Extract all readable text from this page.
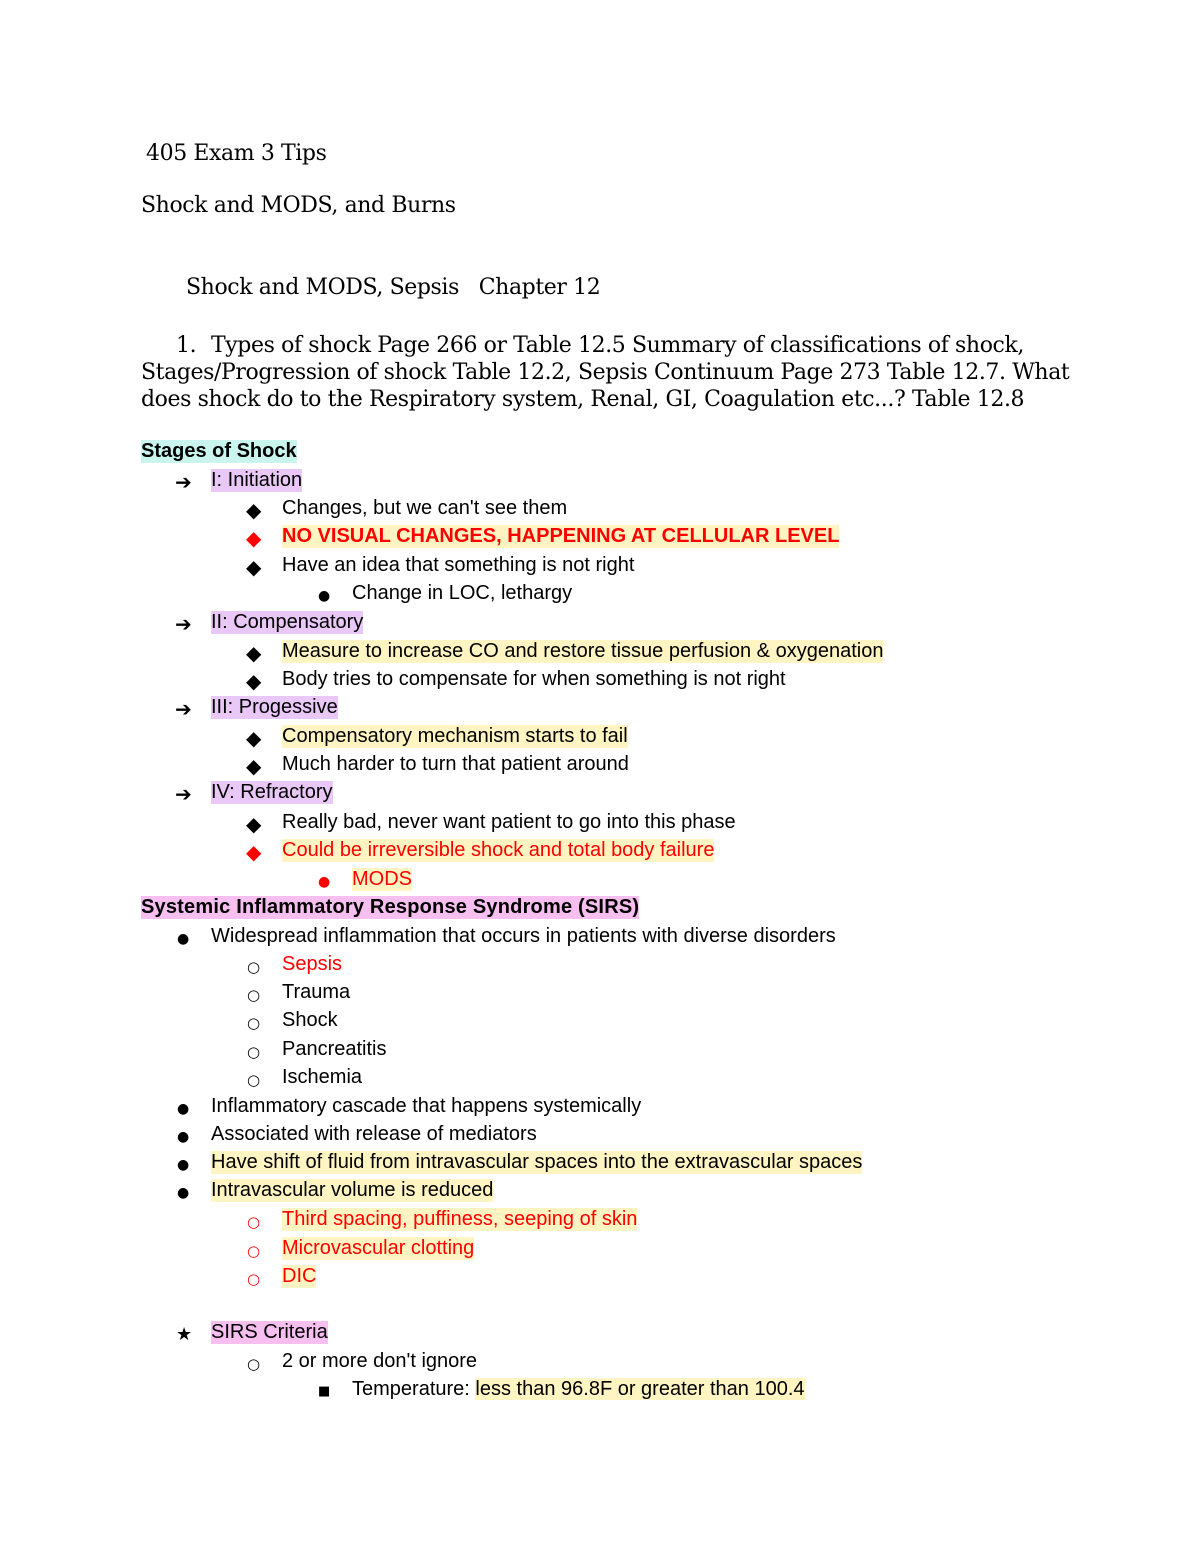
405 Exam 3 Tips
Shock and MODS, and Burns
Shock and MODS, Sepsis   Chapter 12
1. Types of shock Page 266 or Table 12.5 Summary of classifications of shock,
Stages/Progression of shock Table 12.2, Sepsis Continuum Page 273 Table 12.7. What
does shock do to the Respiratory system, Renal, GI, Coagulation etc...? Table 12.8
Stages of Shock
➔ I: Initiation
◆ Changes, but we can't see them
◆ NO VISUAL CHANGES, HAPPENING AT CELLULAR LEVEL
◆ Have an idea that something is not right
● Change in LOC, lethargy
➔ II: Compensatory
◆ Measure to increase CO and restore tissue perfusion & oxygenation
◆ Body tries to compensate for when something is not right
➔ III: Progessive
◆ Compensatory mechanism starts to fail
◆ Much harder to turn that patient around
➔ IV: Refractory
◆ Really bad, never want patient to go into this phase
◆ Could be irreversible shock and total body failure
● MODS
Systemic Inflammatory Response Syndrome (SIRS)
● Widespread inflammation that occurs in patients with diverse disorders
○ Sepsis
○ Trauma
○ Shock
○ Pancreatitis
○ Ischemia
● Inflammatory cascade that happens systemically
● Associated with release of mediators
● Have shift of fluid from intravascular spaces into the extravascular spaces
● Intravascular volume is reduced
○ Third spacing, puffiness, seeping of skin
○ Microvascular clotting
○ DIC
★ SIRS Criteria
○ 2 or more don't ignore
■ Temperature: less than 96.8F or greater than 100.4
